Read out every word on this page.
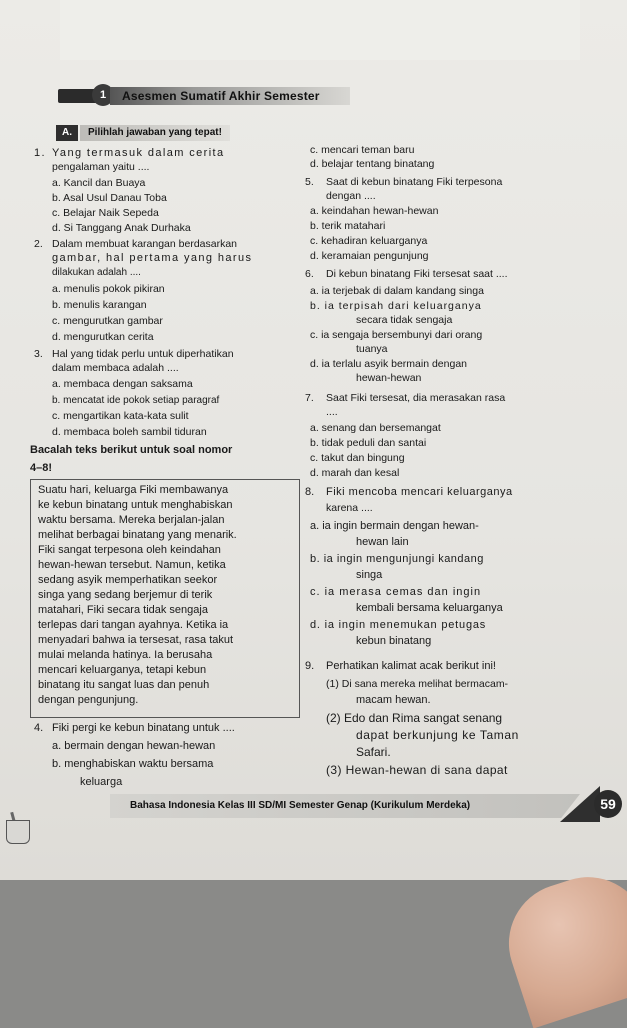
1	Asesmen Sumatif Akhir Semester
A.	Pilihlah jawaban yang tepat!
1. Yang termasuk dalam cerita
pengalaman yaitu ....
a. Kancil dan Buaya
b. Asal Usul Danau Toba
c. Belajar Naik Sepeda
d. Si Tanggang Anak Durhaka
2. Dalam membuat karangan berdasarkan
gambar, hal pertama yang harus
dilakukan adalah ....
a. menulis pokok pikiran
b. menulis karangan
c. mengurutkan gambar
d. mengurutkan cerita
3. Hal yang tidak perlu untuk diperhatikan
dalam membaca adalah ....
a. membaca dengan saksama
b. mencatat ide pokok setiap paragraf
c. mengartikan kata-kata sulit
d. membaca boleh sambil tiduran
Bacalah teks berikut untuk soal nomor
4–8!
Suatu hari, keluarga Fiki membawanya
ke kebun binatang untuk menghabiskan
waktu bersama. Mereka berjalan-jalan
melihat berbagai binatang yang menarik.
Fiki sangat terpesona oleh keindahan
hewan-hewan tersebut. Namun, ketika
sedang asyik memperhatikan seekor
singa yang sedang berjemur di terik
matahari, Fiki secara tidak sengaja
terlepas dari tangan ayahnya. Ketika ia
menyadari bahwa ia tersesat, rasa takut
mulai melanda hatinya. Ia berusaha
mencari keluarganya, tetapi kebun
binatang itu sangat luas dan penuh
dengan pengunjung.
4. Fiki pergi ke kebun binatang untuk ....
a. bermain dengan hewan-hewan
b. menghabiskan waktu bersama
keluarga
c. mencari teman baru
d. belajar tentang binatang
5. Saat di kebun binatang Fiki terpesona
dengan ....
a. keindahan hewan-hewan
b. terik matahari
c. kehadiran keluarganya
d. keramaian pengunjung
6. Di kebun binatang Fiki tersesat saat ....
a. ia terjebak di dalam kandang singa
b. ia terpisah dari keluarganya
secara tidak sengaja
c. ia sengaja bersembunyi dari orang
tuanya
d. ia terlalu asyik bermain dengan
hewan-hewan
7. Saat Fiki tersesat, dia merasakan rasa
....
a. senang dan bersemangat
b. tidak peduli dan santai
c. takut dan bingung
d. marah dan kesal
8. Fiki mencoba mencari keluarganya
karena ....
a. ia ingin bermain dengan hewan-
hewan lain
b. ia ingin mengunjungi kandang
singa
c. ia merasa cemas dan ingin
kembali bersama keluarganya
d. ia ingin menemukan petugas
kebun binatang
9. Perhatikan kalimat acak berikut ini!
(1) Di sana mereka melihat bermacam-
macam hewan.
(2) Edo dan Rima sangat senang
dapat berkunjung ke Taman
Safari.
(3) Hewan-hewan di sana dapat
Bahasa Indonesia Kelas III SD/MI Semester Genap (Kurikulum Merdeka)	59
